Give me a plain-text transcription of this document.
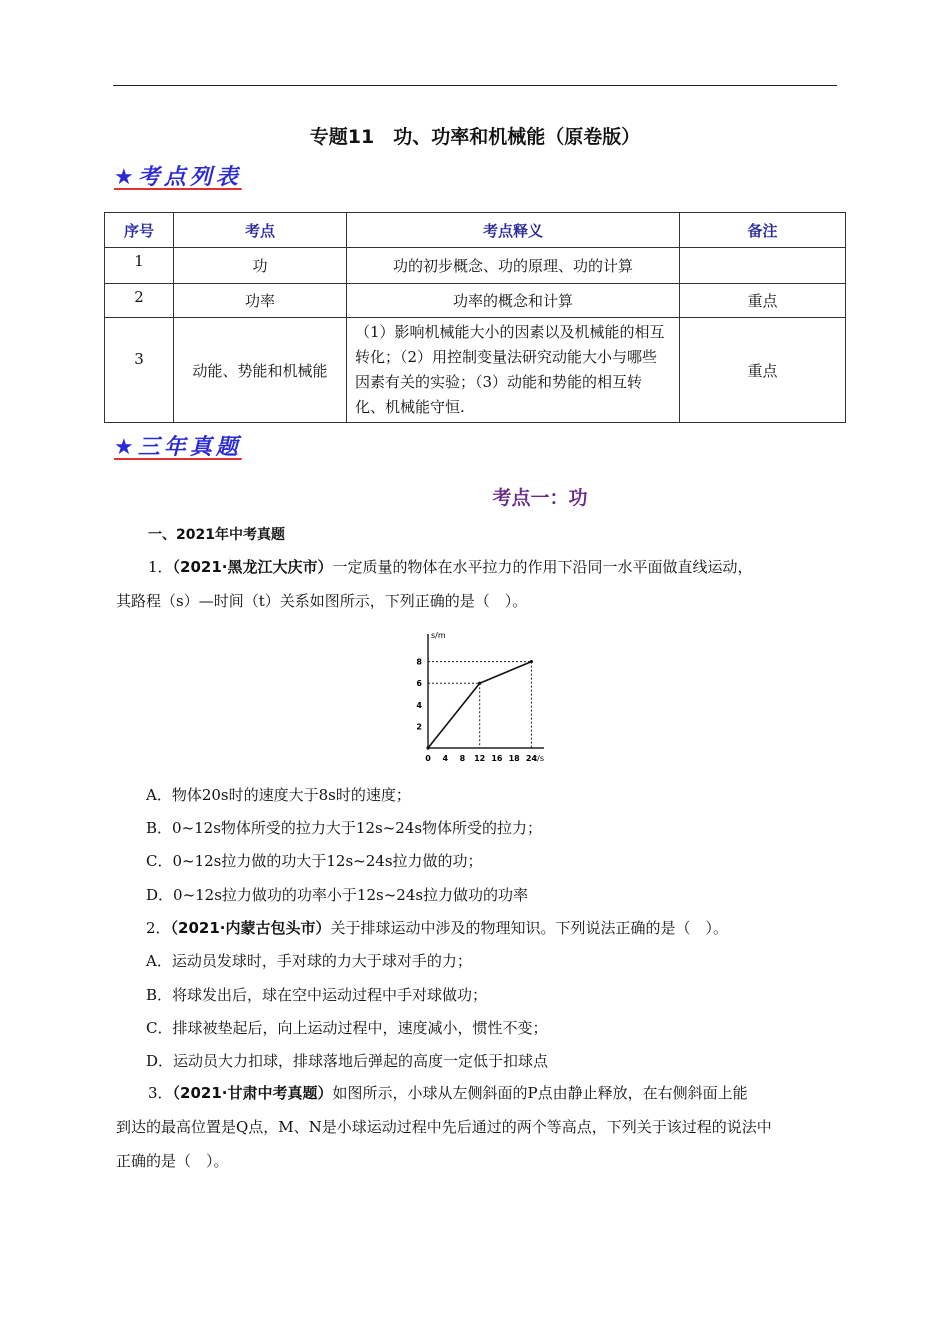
专题11　功、功率和机械能（原卷版）
★考点列表
序号	考点	考点释义	备注
1	功	功的初步概念、功的原理、功的计算	
2	功率	功率的概念和计算	重点
3	动能、势能和机械能	（1）影响机械能大小的因素以及机械能的相互转化；（2）用控制变量法研究动能大小与哪些因素有关的实验；（3）动能和势能的相互转化、机械能守恒.	重点
★三年真题
考点一：功
一、2021年中考真题
1．（2021·黑龙江大庆市）一定质量的物体在水平拉力的作用下沿同一水平面做直线运动，
其路程（s）—时间（t）关系如图所示，下列正确的是（　）。
s/m
t/s
0 4 8 12 16 18 24
2
4
6
8
A．物体20s时的速度大于8s时的速度；
B．0~12s物体所受的拉力大于12s~24s物体所受的拉力；
C．0~12s拉力做的功大于12s~24s拉力做的功；
D．0~12s拉力做功的功率小于12s~24s拉力做功的功率
2．（2021·内蒙古包头市）关于排球运动中涉及的物理知识。下列说法正确的是（　）。
A．运动员发球时，手对球的力大于球对手的力；
B．将球发出后，球在空中运动过程中手对球做功；
C．排球被垫起后，向上运动过程中，速度减小，惯性不变；
D．运动员大力扣球，排球落地后弹起的高度一定低于扣球点
3．（2021·甘肃中考真题）如图所示，小球从左侧斜面的P点由静止释放，在右侧斜面上能
到达的最高位置是Q点，M、N是小球运动过程中先后通过的两个等高点，下列关于该过程的说法中
正确的是（　）。
